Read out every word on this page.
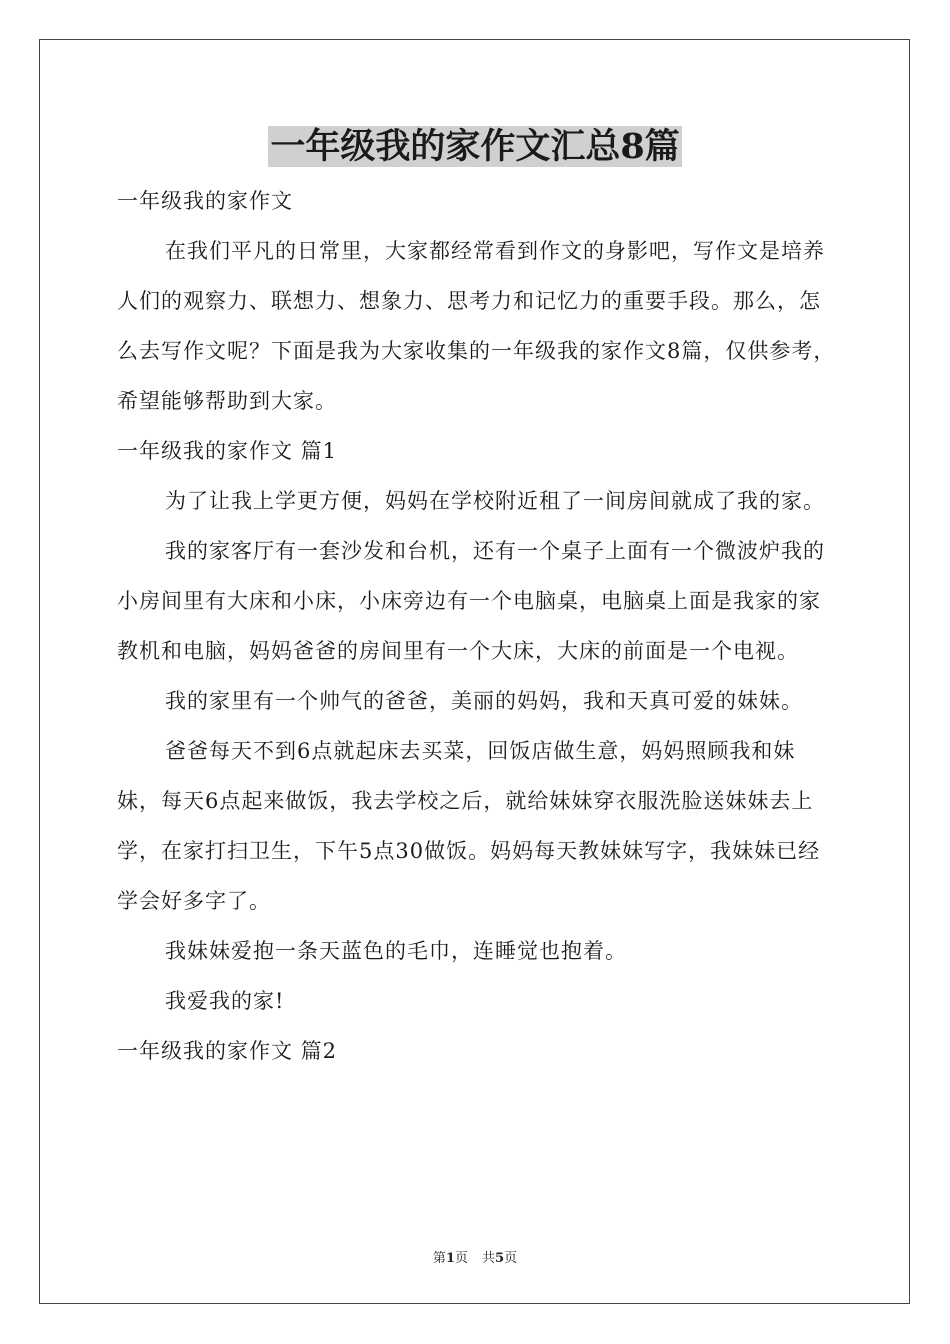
一年级我的家作文汇总8篇

一年级我的家作文

在我们平凡的日常里，大家都经常看到作文的身影吧，写作文是培养人们的观察力、联想力、想象力、思考力和记忆力的重要手段。那么，怎么去写作文呢？下面是我为大家收集的一年级我的家作文8篇，仅供参考，希望能够帮助到大家。

一年级我的家作文 篇1

为了让我上学更方便，妈妈在学校附近租了一间房间就成了我的家。

我的家客厅有一套沙发和台机，还有一个桌子上面有一个微波炉我的小房间里有大床和小床，小床旁边有一个电脑桌，电脑桌上面是我家的家教机和电脑，妈妈爸爸的房间里有一个大床，大床的前面是一个电视。

我的家里有一个帅气的爸爸，美丽的妈妈，我和天真可爱的妹妹。

爸爸每天不到6点就起床去买菜，回饭店做生意，妈妈照顾我和妹妹，每天6点起来做饭，我去学校之后，就给妹妹穿衣服洗脸送妹妹去上学，在家打扫卫生，下午5点30做饭。妈妈每天教妹妹写字，我妹妹已经学会好多字了。

我妹妹爱抱一条天蓝色的毛巾，连睡觉也抱着。

我爱我的家!

一年级我的家作文 篇2

第1页 共5页
